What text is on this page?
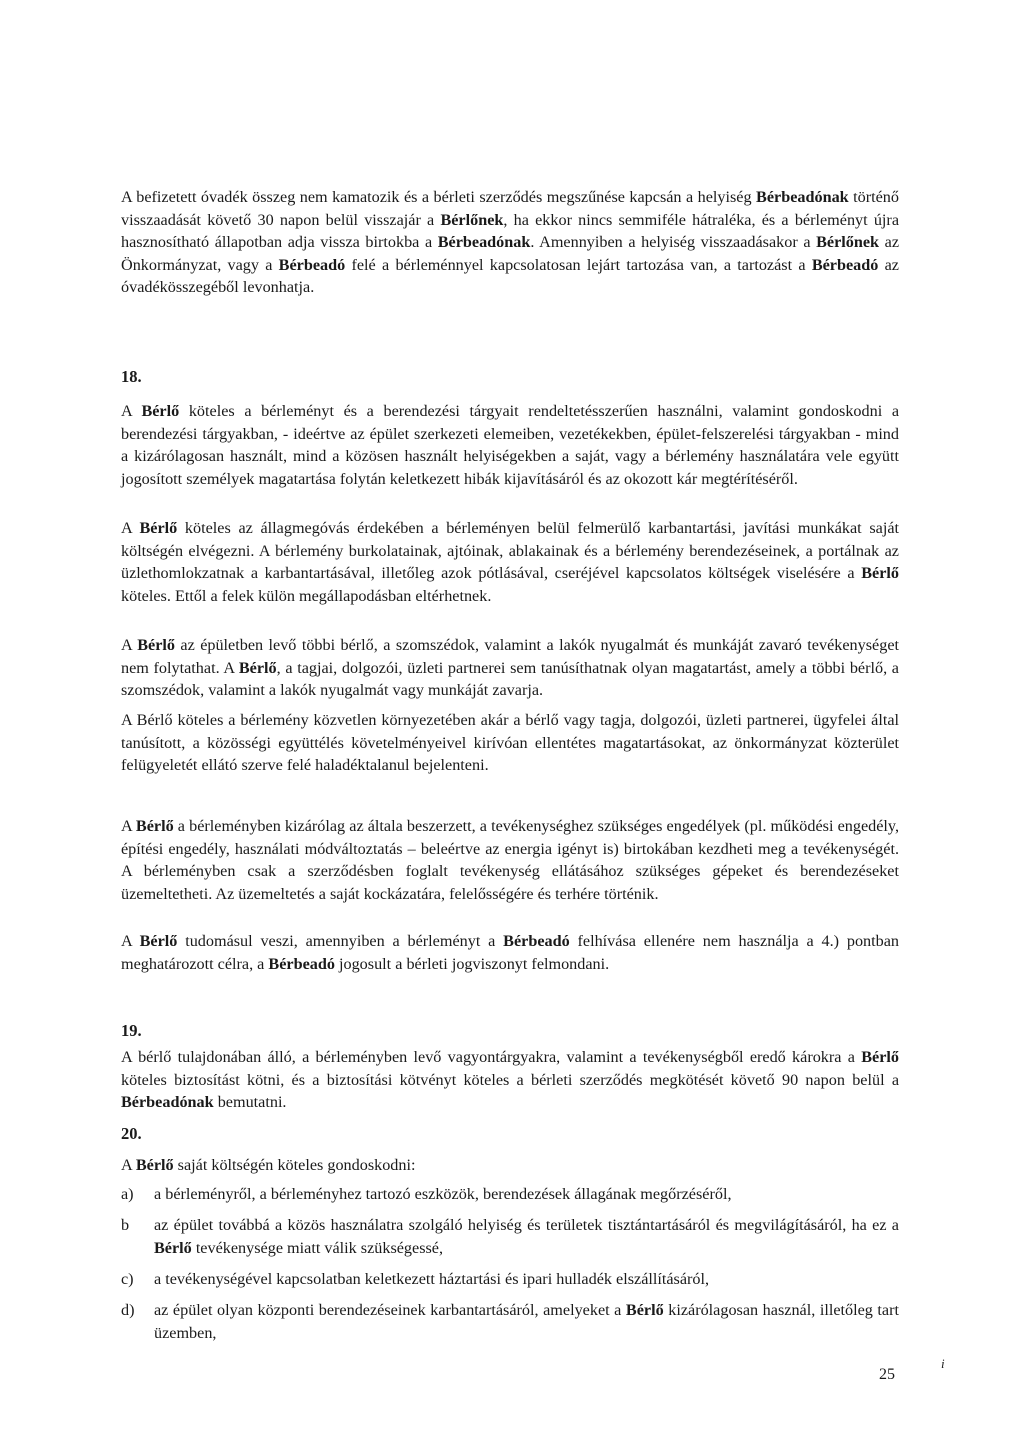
A befizetett óvadék összeg nem kamatozik és a bérleti szerződés megszűnése kapcsán a helyiség Bérbeadónak történő visszaadását követő 30 napon belül visszajár a Bérlőnek, ha ekkor nincs semmiféle hátraléka, és a bérleményt újra hasznosítható állapotban adja vissza birtokba a Bérbeadónak. Amennyiben a helyiség visszaadásakor a Bérlőnek az Önkormányzat, vagy a Bérbeadó felé a bérleménnyel kapcsolatosan lejárt tartozása van, a tartozást a Bérbeadó az óvadékösszegéből levonhatja.

18.

A Bérlő köteles a bérleményt és a berendezési tárgyait rendeltetésszerűen használni, valamint gondoskodni a berendezési tárgyakban, - ideértve az épület szerkezeti elemeiben, vezetékekben, épület-felszerelési tárgyakban - mind a kizárólagosan használt, mind a közösen használt helyiségekben a saját, vagy a bérlemény használatára vele együtt jogosított személyek magatartása folytán keletkezett hibák kijavításáról és az okozott kár megtérítéséről.

A Bérlő köteles az állagmegóvás érdekében a bérleményen belül felmerülő karbantartási, javítási munkákat saját költségén elvégezni. A bérlemény burkolatainak, ajtóinak, ablakainak és a bérlemény berendezéseinek, a portálnak az üzlethomlokzatnak a karbantartásával, illetőleg azok pótlásával, cseréjével kapcsolatos költségek viselésére a Bérlő köteles. Ettől a felek külön megállapodásban eltérhetnek.

A Bérlő az épületben levő többi bérlő, a szomszédok, valamint a lakók nyugalmát és munkáját zavaró tevékenységet nem folytathat. A Bérlő, a tagjai, dolgozói, üzleti partnerei sem tanúsíthatnak olyan magatartást, amely a többi bérlő, a szomszédok, valamint a lakók nyugalmát vagy munkáját zavarja.

A Bérlő köteles a bérlemény közvetlen környezetében akár a bérlő vagy tagja, dolgozói, üzleti partnerei, ügyfelei által tanúsított, a közösségi együttélés követelményeivel kirívóan ellentétes magatartásokat, az önkormányzat közterület felügyeletét ellátó szerve felé haladéktalanul bejelenteni.

A Bérlő a bérleményben kizárólag az általa beszerzett, a tevékenységhez szükséges engedélyek (pl. működési engedély, építési engedély, használati módváltoztatás – beleértve az energia igényt is) birtokában kezdheti meg a tevékenységét. A bérleményben csak a szerződésben foglalt tevékenység ellátásához szükséges gépeket és berendezéseket üzemeltetheti. Az üzemeltetés a saját kockázatára, felelősségére és terhére történik.

A Bérlő tudomásul veszi, amennyiben a bérleményt a Bérbeadó felhívása ellenére nem használja a 4.) pontban meghatározott célra, a Bérbeadó jogosult a bérleti jogviszonyt felmondani.

19.

A bérlő tulajdonában álló, a bérleményben levő vagyontárgyakra, valamint a tevékenységből eredő károkra a Bérlő köteles biztosítást kötni, és a biztosítási kötvényt köteles a bérleti szerződés megkötését követő 90 napon belül a Bérbeadónak bemutatni.

20.

A Bérlő saját költségén köteles gondoskodni:

a) a bérleményről, a bérleményhez tartozó eszközök, berendezések állagának megőrzéséről,
b az épület továbbá a közös használatra szolgáló helyiség és területek tisztántartásáról és megvilágításáról, ha ez a Bérlő tevékenysége miatt válik szükségessé,
c) a tevékenységével kapcsolatban keletkezett háztartási és ipari hulladék elszállításáról,
d) az épület olyan központi berendezéseinek karbantartásáról, amelyeket a Bérlő kizárólagosan használ, illetőleg tart üzemben,
i
25
